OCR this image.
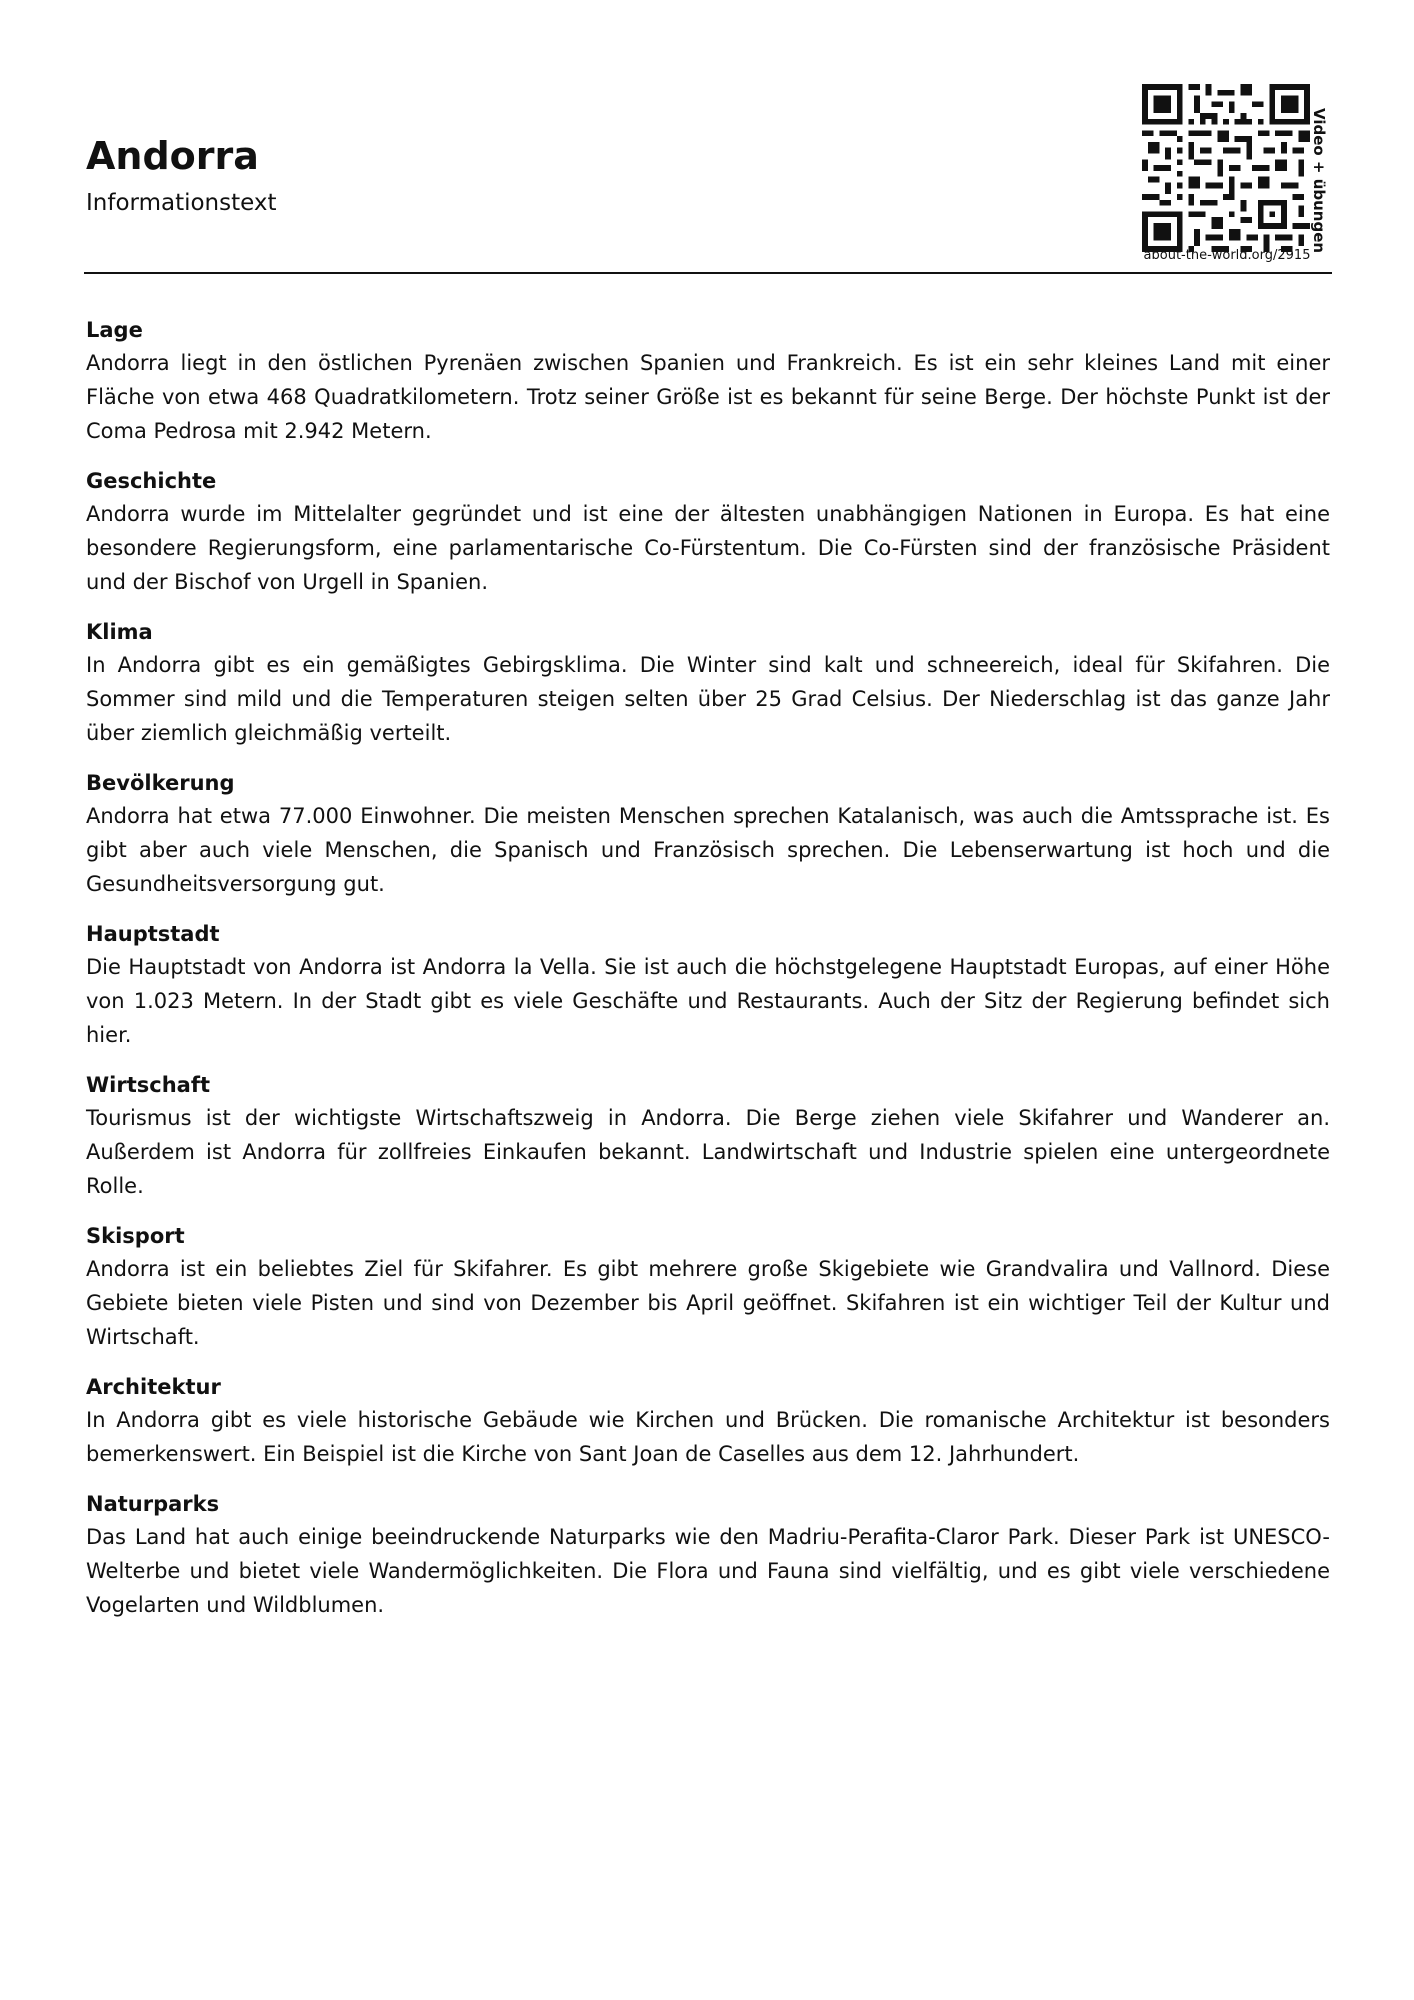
Andorra
Informationstext	Video + übungen
about-the-world.org/2915
Lage

Andorra liegt in den östlichen Pyrenäen zwischen Spanien und Frankreich. Es ist ein sehr kleines Land mit einer Fläche von etwa 468 Quadratkilometern. Trotz seiner Größe ist es bekannt für seine Berge. Der höchste Punkt ist der Coma Pedrosa mit 2.942 Metern.

Geschichte

Andorra wurde im Mittelalter gegründet und ist eine der ältesten unabhängigen Nationen in Europa. Es hat eine besondere Regierungsform, eine parlamentarische Co-Fürstentum. Die Co-Fürsten sind der französische Präsident und der Bischof von Urgell in Spanien.

Klima

In Andorra gibt es ein gemäßigtes Gebirgsklima. Die Winter sind kalt und schneereich, ideal für Skifahren. Die Sommer sind mild und die Temperaturen steigen selten über 25 Grad Celsius. Der Niederschlag ist das ganze Jahr über ziemlich gleichmäßig verteilt.

Bevölkerung

Andorra hat etwa 77.000 Einwohner. Die meisten Menschen sprechen Katalanisch, was auch die Amtssprache ist. Es gibt aber auch viele Menschen, die Spanisch und Französisch sprechen. Die Lebenserwartung ist hoch und die Gesundheitsversorgung gut.

Hauptstadt

Die Hauptstadt von Andorra ist Andorra la Vella. Sie ist auch die höchstgelegene Hauptstadt Europas, auf einer Höhe von 1.023 Metern. In der Stadt gibt es viele Geschäfte und Restaurants. Auch der Sitz der Regierung befindet sich hier.

Wirtschaft

Tourismus ist der wichtigste Wirtschaftszweig in Andorra. Die Berge ziehen viele Skifahrer und Wanderer an. Außerdem ist Andorra für zollfreies Einkaufen bekannt. Landwirtschaft und Industrie spielen eine untergeordnete Rolle.

Skisport

Andorra ist ein beliebtes Ziel für Skifahrer. Es gibt mehrere große Skigebiete wie Grandvalira und Vallnord. Diese Gebiete bieten viele Pisten und sind von Dezember bis April geöffnet. Skifahren ist ein wichtiger Teil der Kultur und Wirtschaft.

Architektur

In Andorra gibt es viele historische Gebäude wie Kirchen und Brücken. Die romanische Architektur ist besonders bemerkenswert. Ein Beispiel ist die Kirche von Sant Joan de Caselles aus dem 12. Jahrhundert.

Naturparks

Das Land hat auch einige beeindruckende Naturparks wie den Madriu-Perafita-Claror Park. Dieser Park ist UNESCO-Welterbe und bietet viele Wandermöglichkeiten. Die Flora und Fauna sind vielfältig, und es gibt viele verschiedene Vogelarten und Wildblumen.
